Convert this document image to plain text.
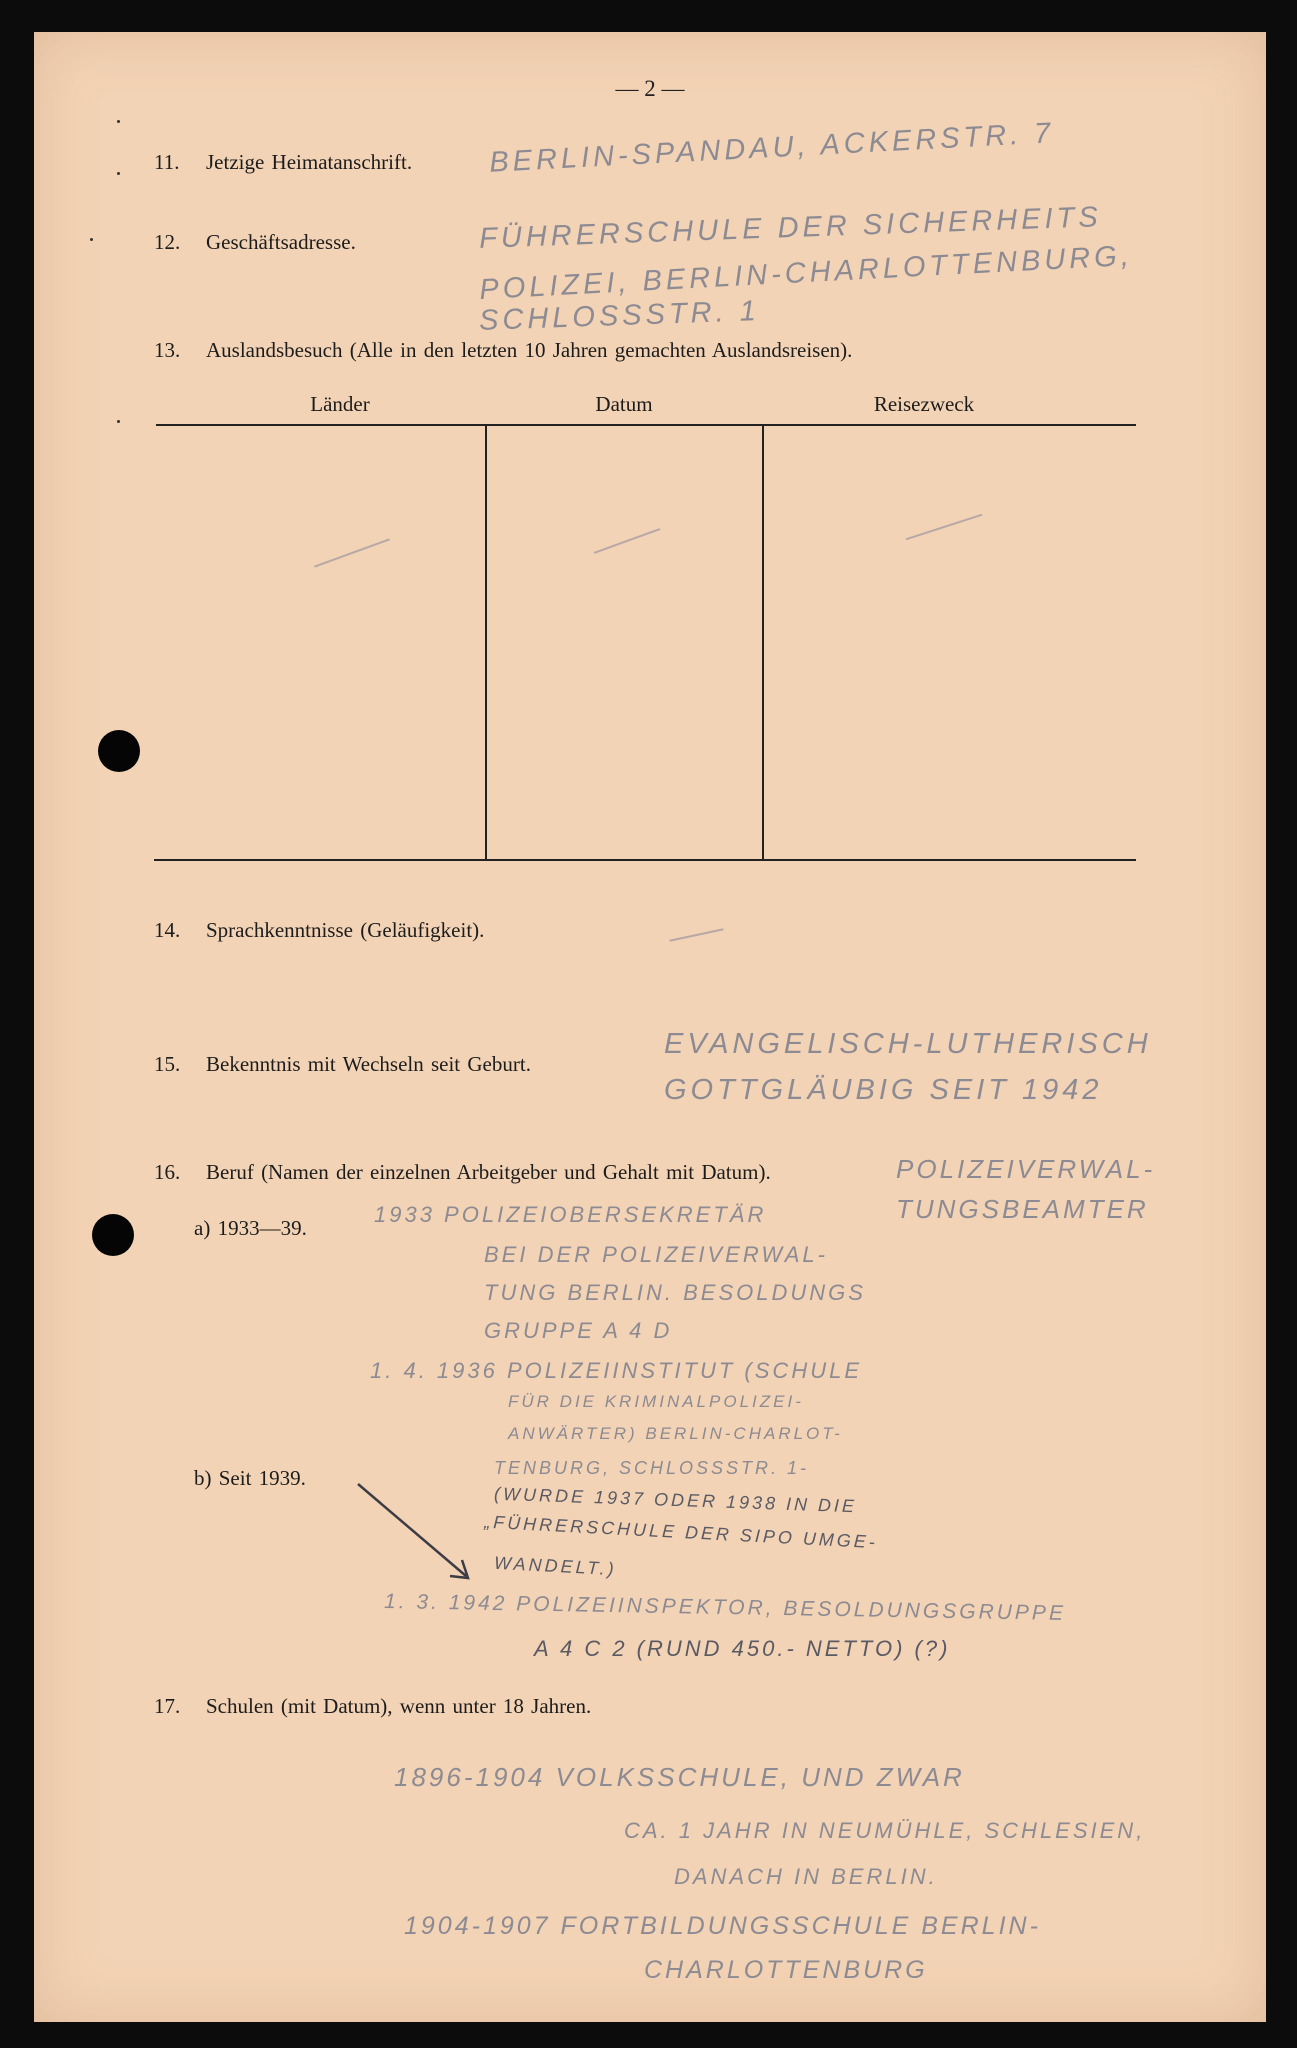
— 2 —
11. Jetzige Heimatanschrift.	BERLIN-SPANDAU, ACKERSTR. 7
12. Geschäftsadresse.	FÜHRERSCHULE DER SICHERHEITS
POLIZEI, BERLIN-CHARLOTTENBURG,
SCHLOSSSTR. 1
13. Auslandsbesuch (Alle in den letzten 10 Jahren gemachten Auslandsreisen).
Länder	Datum	Reisezweck
14. Sprachkenntnisse (Geläufigkeit).
15. Bekenntnis mit Wechseln seit Geburt.
EVANGELISCH-LUTHERISCH
GOTTGLÄUBIG SEIT 1942
16. Beruf (Namen der einzelnen Arbeitgeber und Gehalt mit Datum).	POLIZEIVERWAL-
TUNGSBEAMTER
a) 1933—39.
1933 POLIZEIOBERSEKRETÄR
BEI DER POLIZEIVERWAL-
TUNG BERLIN. BESOLDUNGS
GRUPPE A 4 D
1. 4. 1936 POLIZEIINSTITUT (SCHULE
FÜR DIE KRIMINALPOLIZEI-
ANWÄRTER) BERLIN-CHARLOT-
TENBURG, SCHLOSSSTR. 1-
b) Seit 1939.
(WURDE 1937 ODER 1938 IN DIE
„FÜHRERSCHULE DER SIPO UMGE-
WANDELT.)
1. 3. 1942 POLIZEIINSPEKTOR, BESOLDUNGSGRUPPE
A 4 C 2 (RUND 450.- NETTO) (?)
17. Schulen (mit Datum), wenn unter 18 Jahren.
1896-1904 VOLKSSCHULE, UND ZWAR
CA. 1 JAHR IN NEUMÜHLE, SCHLESIEN,
DANACH IN BERLIN.
1904-1907 FORTBILDUNGSSCHULE BERLIN-
CHARLOTTENBURG
